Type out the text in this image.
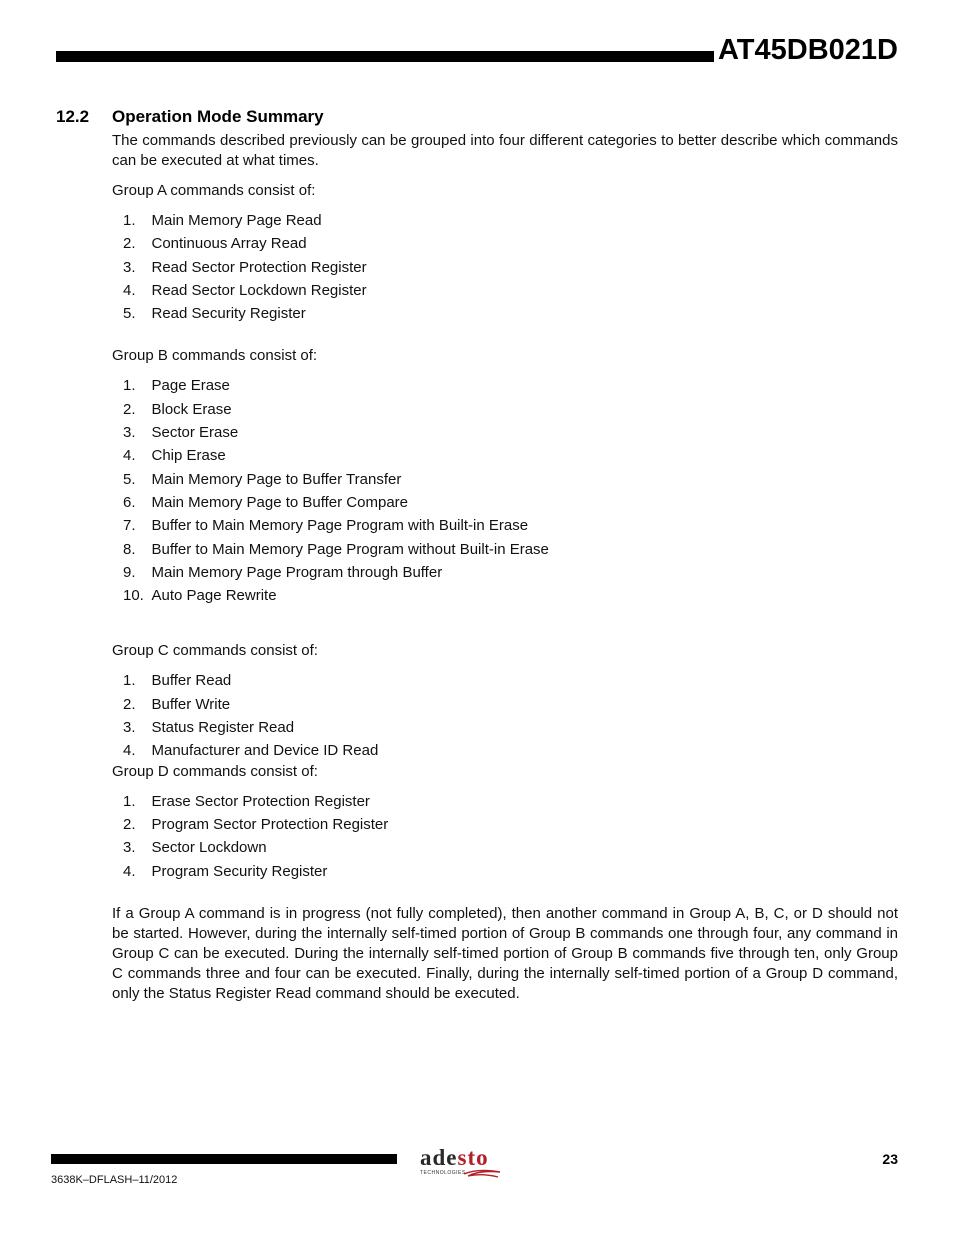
AT45DB021D
12.2 Operation Mode Summary

The commands described previously can be grouped into four different categories to better describe which commands can be executed at what times.

Group A commands consist of:

1. Main Memory Page Read
2. Continuous Array Read
3. Read Sector Protection Register
4. Read Sector Lockdown Register
5. Read Security Register

Group B commands consist of:

1. Page Erase
2. Block Erase
3. Sector Erase
4. Chip Erase
5. Main Memory Page to Buffer Transfer
6. Main Memory Page to Buffer Compare
7. Buffer to Main Memory Page Program with Built-in Erase
8. Buffer to Main Memory Page Program without Built-in Erase
9. Main Memory Page Program through Buffer
10. Auto Page Rewrite

Group C commands consist of:

1. Buffer Read
2. Buffer Write
3. Status Register Read
4. Manufacturer and Device ID Read

Group D commands consist of:

1. Erase Sector Protection Register
2. Program Sector Protection Register
3. Sector Lockdown
4. Program Security Register

If a Group A command is in progress (not fully completed), then another command in Group A, B, C, or D should not be started. However, during the internally self-timed portion of Group B commands one through four, any command in Group C can be executed. During the internally self-timed portion of Group B commands five through ten, only Group C commands three and four can be executed. Finally, during the internally self-timed portion of a Group D command, only the Status Register Read command should be executed.

adesto
TECHNOLOGIES
23
3638K–DFLASH–11/2012
